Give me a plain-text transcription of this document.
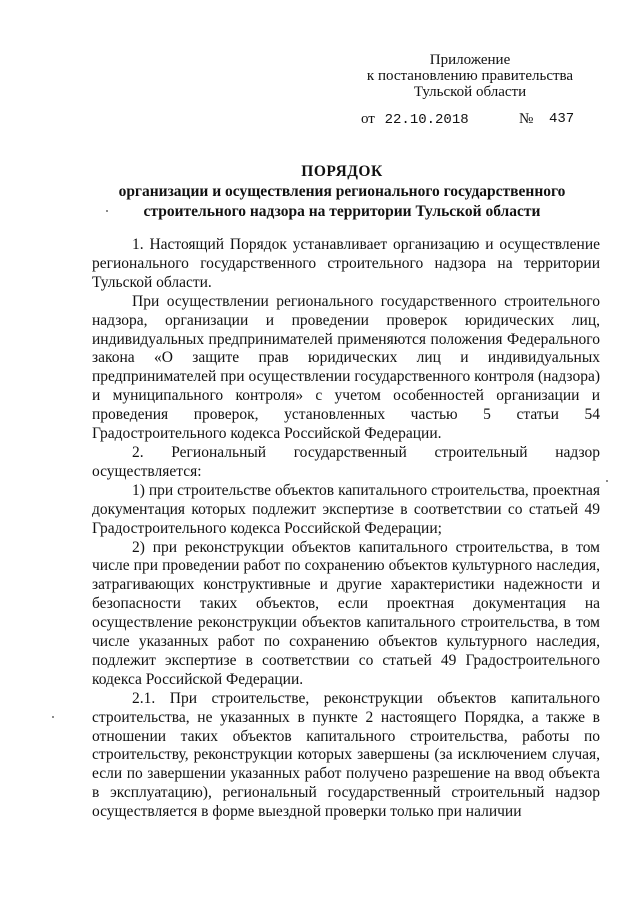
Приложение
к постановлению правительства
Тульской области
от 22.10.2018	№ 437
ПОРЯДОК
организации и осуществления регионального государственного
строительного надзора на территории Тульской области

1. Настоящий Порядок устанавливает организацию и осуществление регионального государственного строительного надзора на территории Тульской области.

При осуществлении регионального государственного строительного надзора, организации и проведении проверок юридических лиц, индивидуальных предпринимателей применяются положения Федерального закона «О защите прав юридических лиц и индивидуальных предпринимателей при осуществлении государственного контроля (надзора) и муниципального контроля» с учетом особенностей организации и проведения проверок, установленных частью 5 статьи 54 Градостроительного кодекса Российской Федерации.

2. Региональный государственный строительный надзор осуществляется:

1) при строительстве объектов капитального строительства, проектная документация которых подлежит экспертизе в соответствии со статьей 49 Градостроительного кодекса Российской Федерации;

2) при реконструкции объектов капитального строительства, в том числе при проведении работ по сохранению объектов культурного наследия, затрагивающих конструктивные и другие характеристики надежности и безопасности таких объектов, если проектная документация на осуществление реконструкции объектов капитального строительства, в том числе указанных работ по сохранению объектов культурного наследия, подлежит экспертизе в соответствии со статьей 49 Градостроительного кодекса Российской Федерации.

2.1. При строительстве, реконструкции объектов капитального строительства, не указанных в пункте 2 настоящего Порядка, а также в отношении таких объектов капитального строительства, работы по строительству, реконструкции которых завершены (за исключением случая, если по завершении указанных работ получено разрешение на ввод объекта в эксплуатацию), региональный государственный строительный надзор осуществляется в форме выездной проверки только при наличии
